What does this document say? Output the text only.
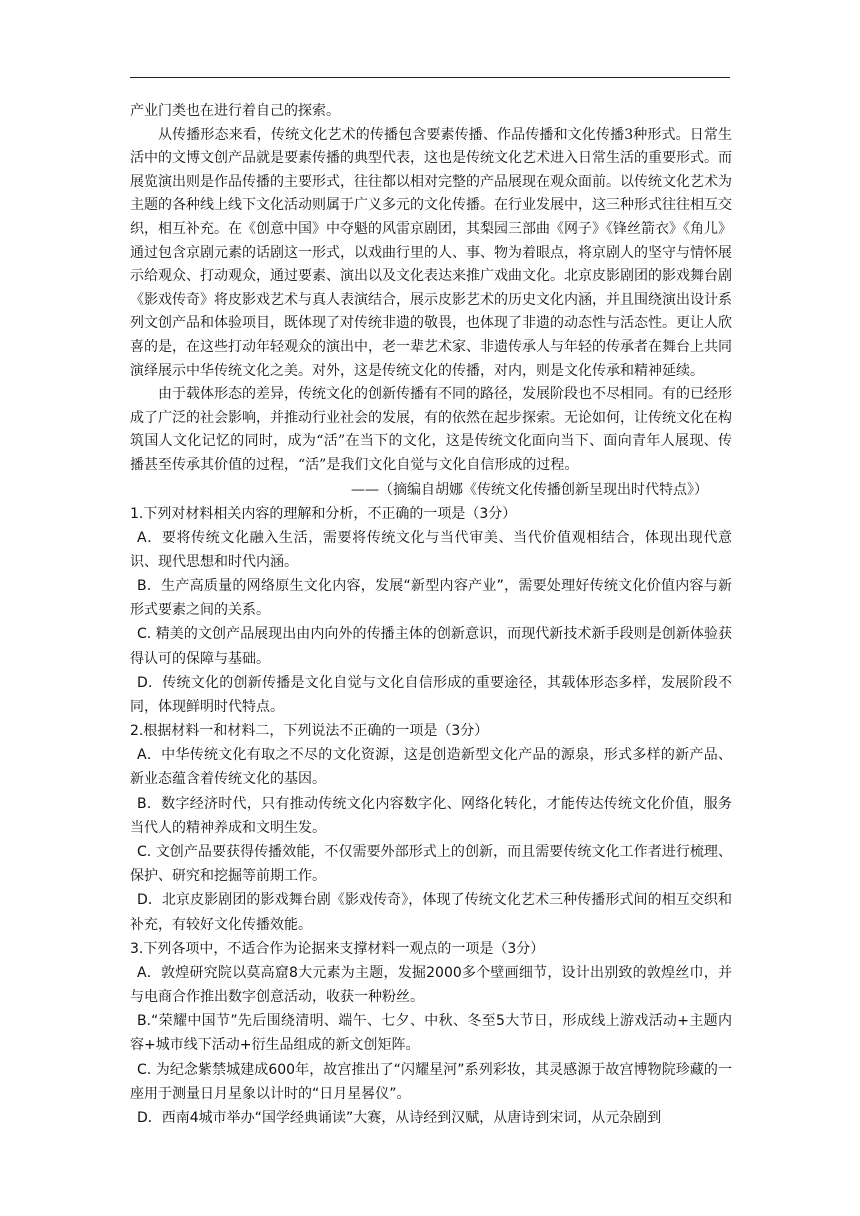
产业门类也在进行着自己的探索。

从传播形态来看，传统文化艺术的传播包含要素传播、作品传播和文化传播3种形式。日常生活中的文博文创产品就是要素传播的典型代表，这也是传统文化艺术进入日常生活的重要形式。而展览演出则是作品传播的主要形式，往往都以相对完整的产品展现在观众面前。以传统文化艺术为主题的各种线上线下文化活动则属于广义多元的文化传播。在行业发展中，这三种形式往往相互交织，相互补充。在《创意中国》中夺魁的风雷京剧团，其梨园三部曲《网子》《锋丝箭衣》《角儿》通过包含京剧元素的话剧这一形式，以戏曲行里的人、事、物为着眼点，将京剧人的坚守与情怀展示给观众、打动观众，通过要素、演出以及文化表达来推广戏曲文化。北京皮影剧团的影戏舞台剧《影戏传奇》将皮影戏艺术与真人表演结合，展示皮影艺术的历史文化内涵，并且围绕演出设计系列文创产品和体验项目，既体现了对传统非遗的敬畏，也体现了非遗的动态性与活态性。更让人欣喜的是，在这些打动年轻观众的演出中，老一辈艺术家、非遗传承人与年轻的传承者在舞台上共同演绎展示中华传统文化之美。对外，这是传统文化的传播，对内，则是文化传承和精神延续。

由于载体形态的差异，传统文化的创新传播有不同的路径，发展阶段也不尽相同。有的已经形成了广泛的社会影响，并推动行业社会的发展，有的依然在起步探索。无论如何，让传统文化在构筑国人文化记忆的同时，成为“活”在当下的文化，这是传统文化面向当下、面向青年人展现、传播甚至传承其价值的过程，“活”是我们文化自觉与文化自信形成的过程。

——（摘编自胡娜《传统文化传播创新呈现出时代特点》）

1.下列对材料相关内容的理解和分析，不正确的一项是（3分）

A．要将传统文化融入生活，需要将传统文化与当代审美、当代价值观相结合，体现出现代意识、现代思想和时代内涵。

B．生产高质量的网络原生文化内容，发展“新型内容产业”，需要处理好传统文化价值内容与新形式要素之间的关系。

C. 精美的文创产品展现出由内向外的传播主体的创新意识，而现代新技术新手段则是创新体验获得认可的保障与基础。

D．传统文化的创新传播是文化自觉与文化自信形成的重要途径，其载体形态多样，发展阶段不同，体现鲜明时代特点。

2.根据材料一和材料二，下列说法不正确的一项是（3分）

A．中华传统文化有取之不尽的文化资源，这是创造新型文化产品的源泉，形式多样的新产品、新业态蕴含着传统文化的基因。

B．数字经济时代，只有推动传统文化内容数字化、网络化转化，才能传达传统文化价值，服务当代人的精神养成和文明生发。

C. 文创产品要获得传播效能，不仅需要外部形式上的创新，而且需要传统文化工作者进行梳理、保护、研究和挖掘等前期工作。

D．北京皮影剧团的影戏舞台剧《影戏传奇》，体现了传统文化艺术三种传播形式间的相互交织和补充，有较好文化传播效能。

3.下列各项中，不适合作为论据来支撑材料一观点的一项是（3分）

A．敦煌研究院以莫高窟8大元素为主题，发掘2000多个壁画细节，设计出别致的敦煌丝巾，并与电商合作推出数字创意活动，收获一种粉丝。

B.“荣耀中国节”先后围绕清明、端午、七夕、中秋、冬至5大节日，形成线上游戏活动+主题内容+城市线下活动+衍生品组成的新文创矩阵。

C. 为纪念紫禁城建成600年，故宫推出了“闪耀星河”系列彩妆，其灵感源于故宫博物院珍藏的一座用于测量日月星象以计时的“日月星晷仪”。

D．西南4城市举办“国学经典诵读”大赛，从诗经到汉赋，从唐诗到宋词，从元杂剧到
